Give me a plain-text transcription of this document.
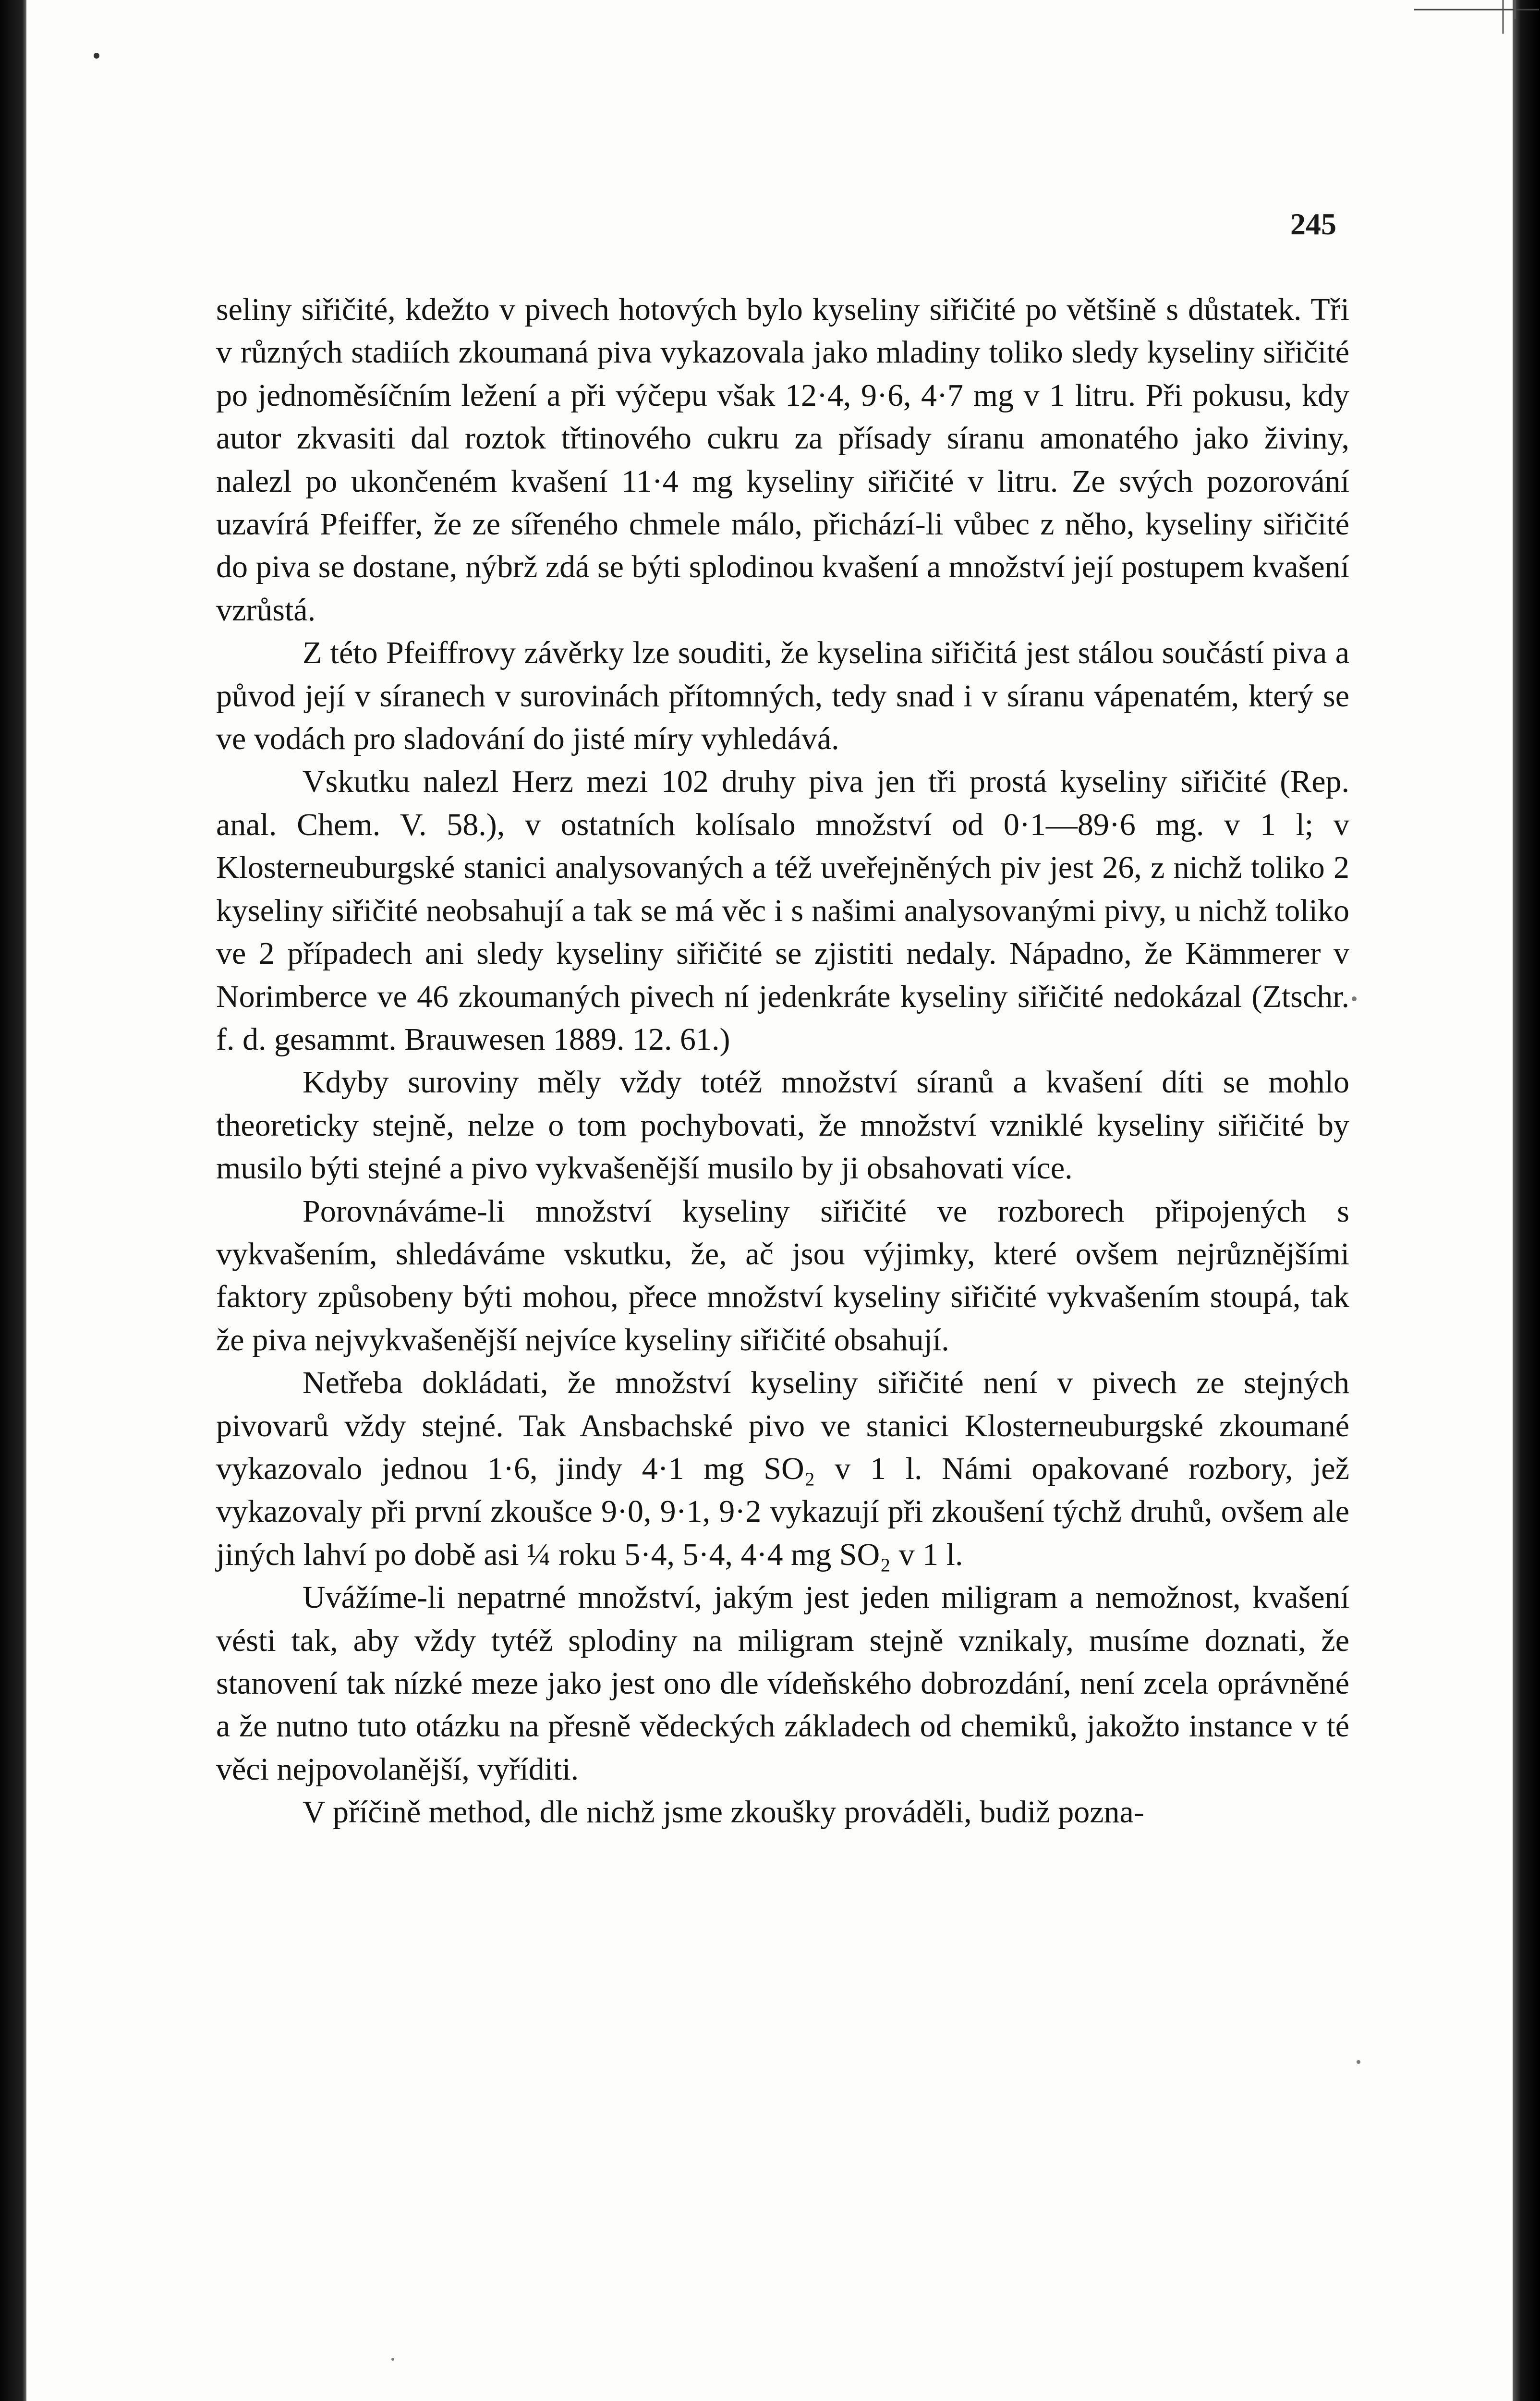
245

seliny siřičité, kdežto v pivech hotových bylo kyseliny siřičité po většině s důstatek. Tři v různých stadiích zkoumaná piva vykazovala jako mladiny toliko sledy kyseliny siřičité po jednoměsíčním ležení a při výčepu však 12·4, 9·6, 4·7 mg v 1 litru. Při pokusu, kdy autor zkvasiti dal roztok třtinového cukru za přísady síranu amonatého jako živiny, nalezl po ukončeném kvašení 11·4 mg kyseliny siřičité v litru. Ze svých pozorování uzavírá Pfeiffer, že ze sířeného chmele málo, přichází-li vůbec z něho, kyseliny siřičité do piva se dostane, nýbrž zdá se býti splodinou kvašení a množství její postupem kvašení vzrůstá.

Z této Pfeiffrovy závěrky lze souditi, že kyselina siřičitá jest stálou součástí piva a původ její v síranech v surovinách přítomných, tedy snad i v síranu vápenatém, který se ve vodách pro sladování do jisté míry vyhledává.

Vskutku nalezl Herz mezi 102 druhy piva jen tři prostá kyseliny siřičité (Rep. anal. Chem. V. 58.), v ostatních kolísalo množství od 0·1—89·6 mg. v 1 l; v Klosterneuburgské stanici analysovaných a též uveřejněných piv jest 26, z nichž toliko 2 kyseliny siřičité neobsahují a tak se má věc i s našimi analysovanými pivy, u nichž toliko ve 2 případech ani sledy kyseliny siřičité se zjistiti nedaly. Nápadno, že Kämmerer v Norimberce ve 46 zkoumaných pivech ní jedenkráte kyseliny siřičité nedokázal (Ztschr. f. d. gesammt. Brauwesen 1889. 12. 61.)

Kdyby suroviny měly vždy totéž množství síranů a kvašení díti se mohlo theoreticky stejně, nelze o tom pochybovati, že množství vzniklé kyseliny siřičité by musilo býti stejné a pivo vykvašenější musilo by ji obsahovati více.

Porovnáváme-li množství kyseliny siřičité ve rozborech připojených s vykvašením, shledáváme vskutku, že, ač jsou výjimky, které ovšem nejrůznějšími faktory způsobeny býti mohou, přece množství kyseliny siřičité vykvašením stoupá, tak že piva nejvykvašenější nejvíce kyseliny siřičité obsahují.

Netřeba dokládati, že množství kyseliny siřičité není v pivech ze stejných pivovarů vždy stejné. Tak Ansbachské pivo ve stanici Klosterneuburgské zkoumané vykazovalo jednou 1·6, jindy 4·1 mg SO₂ v 1 l. Námi opakované rozbory, jež vykazovaly při první zkoušce 9·0, 9·1, 9·2 vykazují při zkoušení týchž druhů, ovšem ale jiných lahví po době asi ¼ roku 5·4, 5·4, 4·4 mg SO₂ v 1 l.

Uvážíme-li nepatrné množství, jakým jest jeden miligram a nemožnost, kvašení vésti tak, aby vždy tytéž splodiny na miligram stejně vznikaly, musíme doznati, že stanovení tak nízké meze jako jest ono dle vídeňského dobrozdání, není zcela oprávněné a že nutno tuto otázku na přesně vědeckých základech od chemiků, jakožto instance v té věci nejpovolanější, vyříditi.

V příčině method, dle nichž jsme zkoušky prováděli, budiž pozna-
